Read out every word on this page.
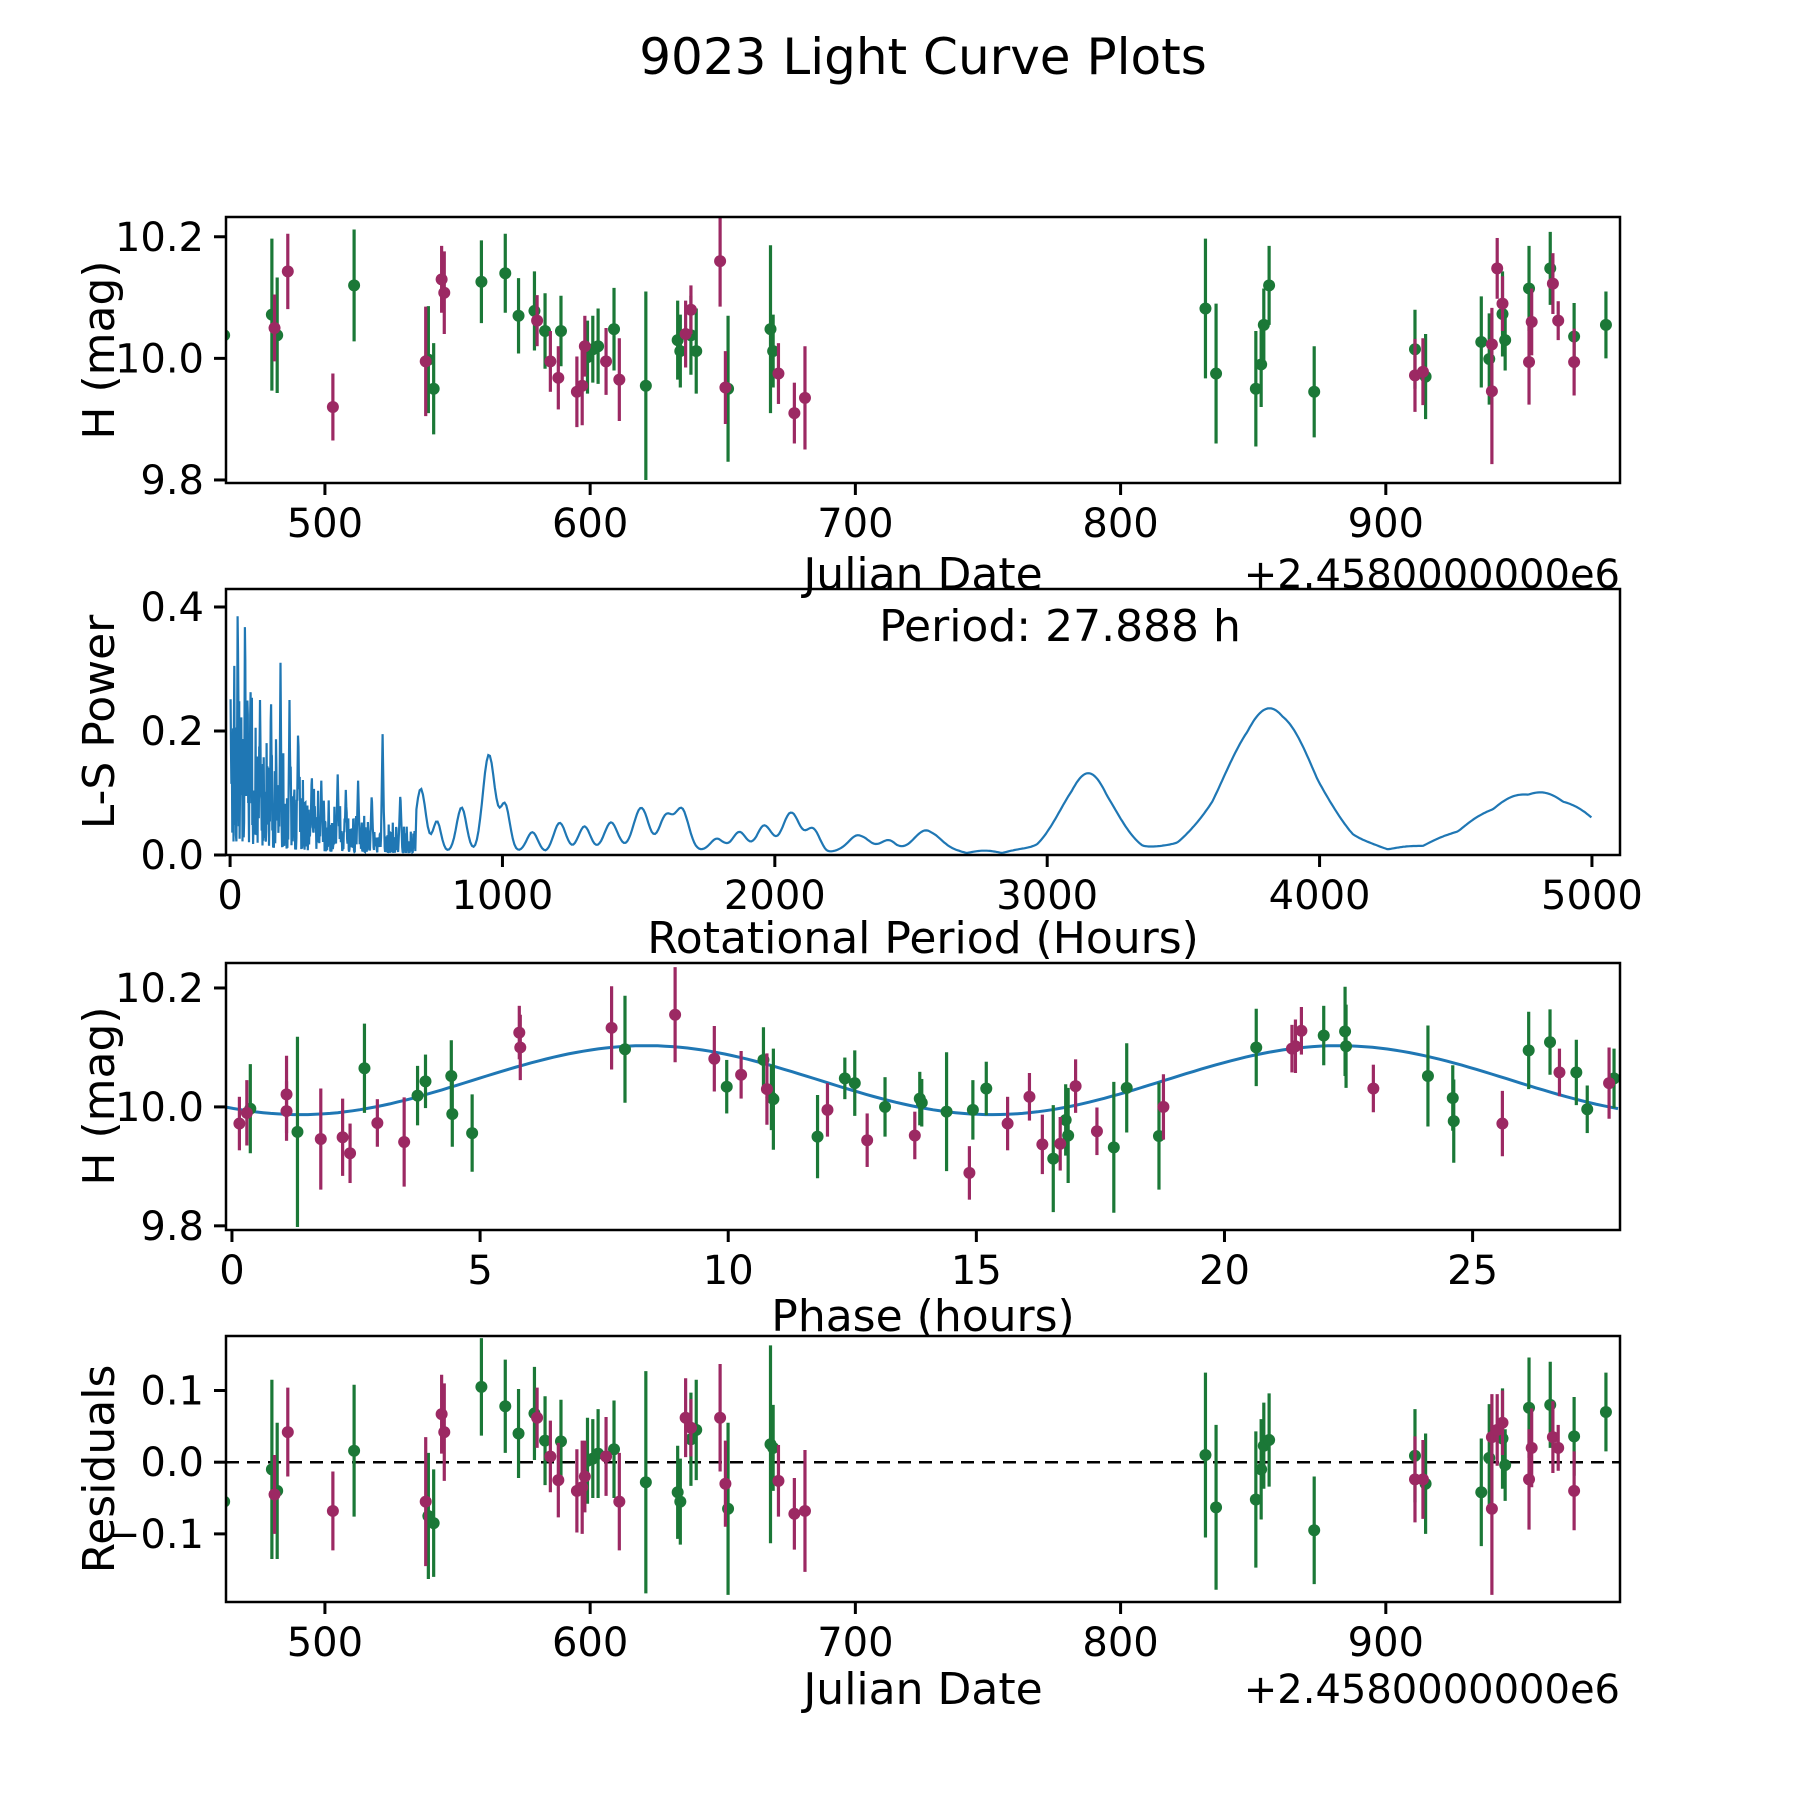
500	600	700	800	900
9.8
10.0
10.2
0	1000	2000	3000	4000	5000
0.0
0.2
0.4
0	5	10	15	20	25
9.8
10.0
10.2
500	600	700	800	900
−0.1
0.0
0.1
9023 Light Curve Plots
H (mag)
Julian Date	+2.4580000000e6
L-S Power
Rotational Period (Hours)
Period: 27.888 h
H (mag)
Phase (hours)
Residuals
Julian Date	+2.4580000000e6
